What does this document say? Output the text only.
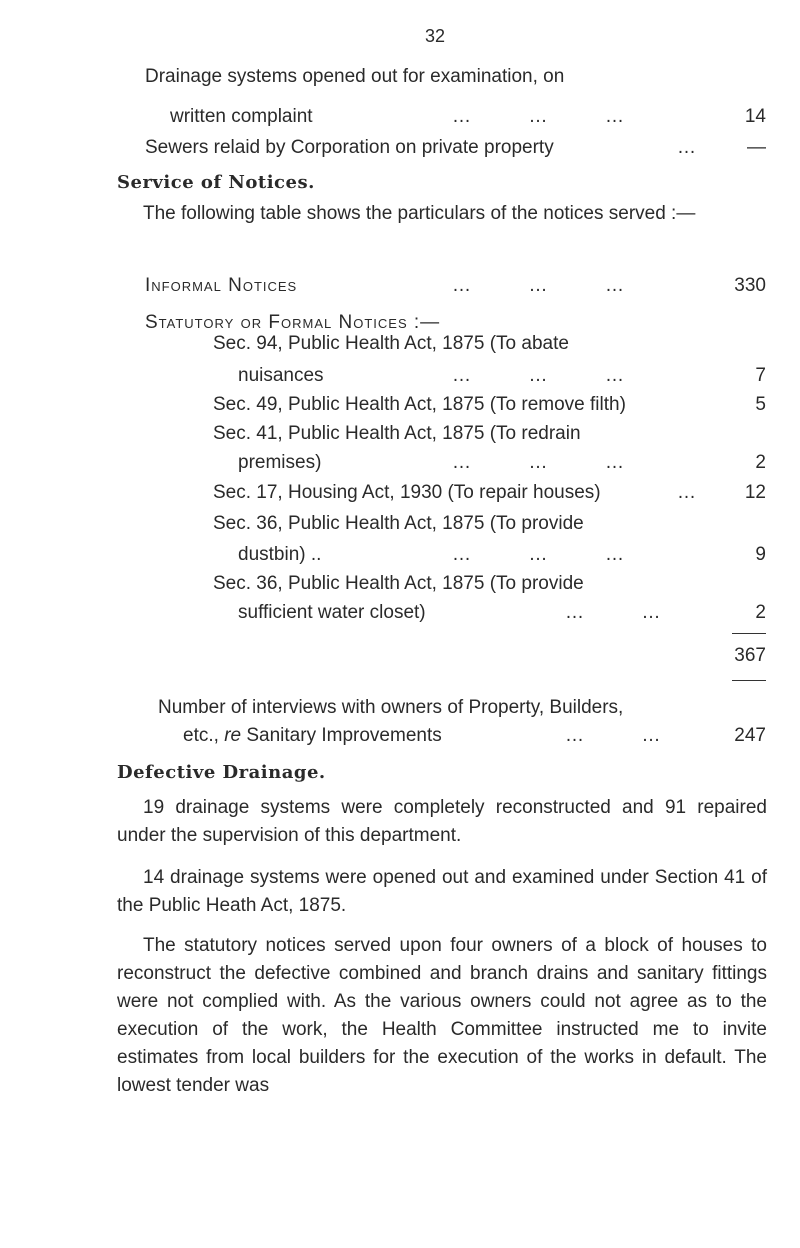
32
Drainage systems opened out for examination, on
written complaint	…         …         …	14
Sewers relaid by Corporation on private property	…	—
Service of Notices.

The following table shows the particulars of the notices served :—

Informal Notices	…         …         …	330
Statutory or Formal Notices :—
Sec. 94, Public Health Act, 1875 (To abate
nuisances	…         …         …	7
Sec. 49, Public Health Act, 1875 (To remove filth)	5
Sec. 41, Public Health Act, 1875 (To redrain
premises)	…         …         …	2
Sec. 17, Housing Act, 1930 (To repair houses)	…	12
Sec. 36, Public Health Act, 1875 (To provide
dustbin) ..	…         …         …	9
Sec. 36, Public Health Act, 1875 (To provide
sufficient water closet)	…         …	2
367
Number of interviews with owners of Property, Builders,
etc., re Sanitary Improvements	…         …	247
Defective Drainage.

19 drainage systems were completely reconstructed and 91 repaired under the supervision of this department.

14 drainage systems were opened out and examined under Section 41 of the Public Heath Act, 1875.

The statutory notices served upon four owners of a block of houses to reconstruct the defective combined and branch drains and sanitary fittings were not complied with. As the various owners could not agree as to the execution of the work, the Health Committee instructed me to invite estimates from local builders for the execution of the works in default. The lowest tender was
